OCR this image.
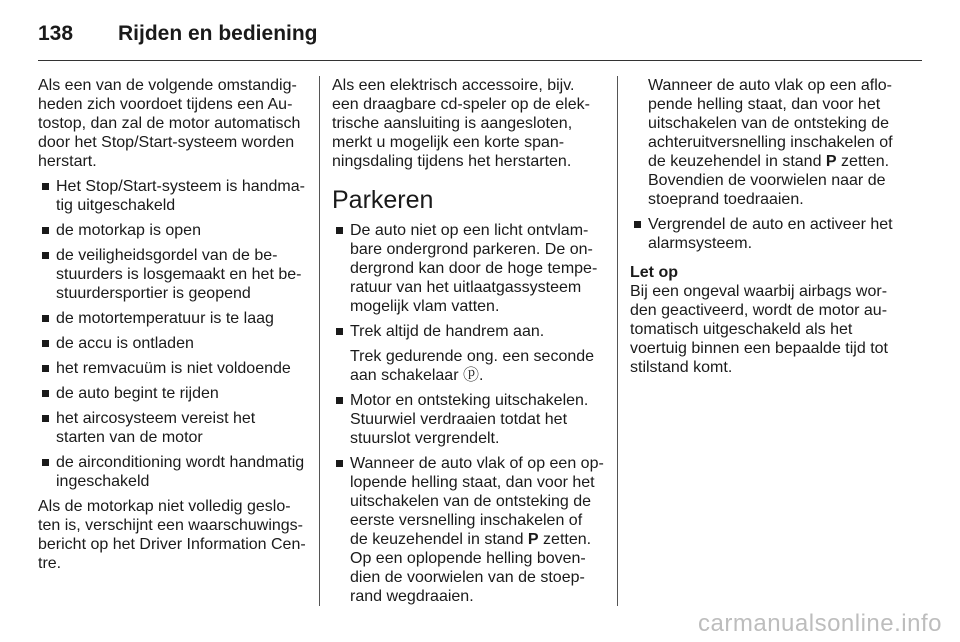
138	Rijden en bediening

Als een van de volgende omstandig-heden zich voordoet tijdens een Au-tostop, dan zal de motor automatisch door het Stop/Start-systeem worden herstart.

Het Stop/Start-systeem is handma-tig uitgeschakeld
de motorkap is open
de veiligheidsgordel van de be-stuurders is losgemaakt en het be-stuurdersportier is geopend
de motortemperatuur is te laag
de accu is ontladen
het remvacuüm is niet voldoende
de auto begint te rijden
het aircosysteem vereist het starten van de motor
de airconditioning wordt handmatig ingeschakeld

Als de motorkap niet volledig geslo-ten is, verschijnt een waarschuwings-bericht op het Driver Information Cen-tre.

Als een elektrisch accessoire, bijv. een draagbare cd-speler op de elek-trische aansluiting is aangesloten, merkt u mogelijk een korte span-ningsdaling tijdens het herstarten.

Parkeren
De auto niet op een licht ontvlam-bare ondergrond parkeren. De on-dergrond kan door de hoge tempe-ratuur van het uitlaatgassysteem mogelijk vlam vatten.
Trek altijd de handrem aan.
Trek gedurende ong. een seconde aan schakelaar ⓟ.
Motor en ontsteking uitschakelen. Stuurwiel verdraaien totdat het stuurslot vergrendelt.
Wanneer de auto vlak of op een op-lopende helling staat, dan voor het uitschakelen van de ontsteking de eerste versnelling inschakelen of de keuzehendel in stand P zetten. Op een oplopende helling boven-dien de voorwielen van de stoep-rand wegdraaien.

Wanneer de auto vlak op een aflo-pende helling staat, dan voor het uitschakelen van de ontsteking de achteruitversnelling inschakelen of de keuzehendel in stand P zetten. Bovendien de voorwielen naar de stoeprand toedraaien.

Vergrendel de auto en activeer het alarmsysteem.
Let op

Bij een ongeval waarbij airbags wor-den geactiveerd, wordt de motor au-tomatisch uitgeschakeld als het voertuig binnen een bepaalde tijd tot stilstand komt.

carmanualsonline.info
